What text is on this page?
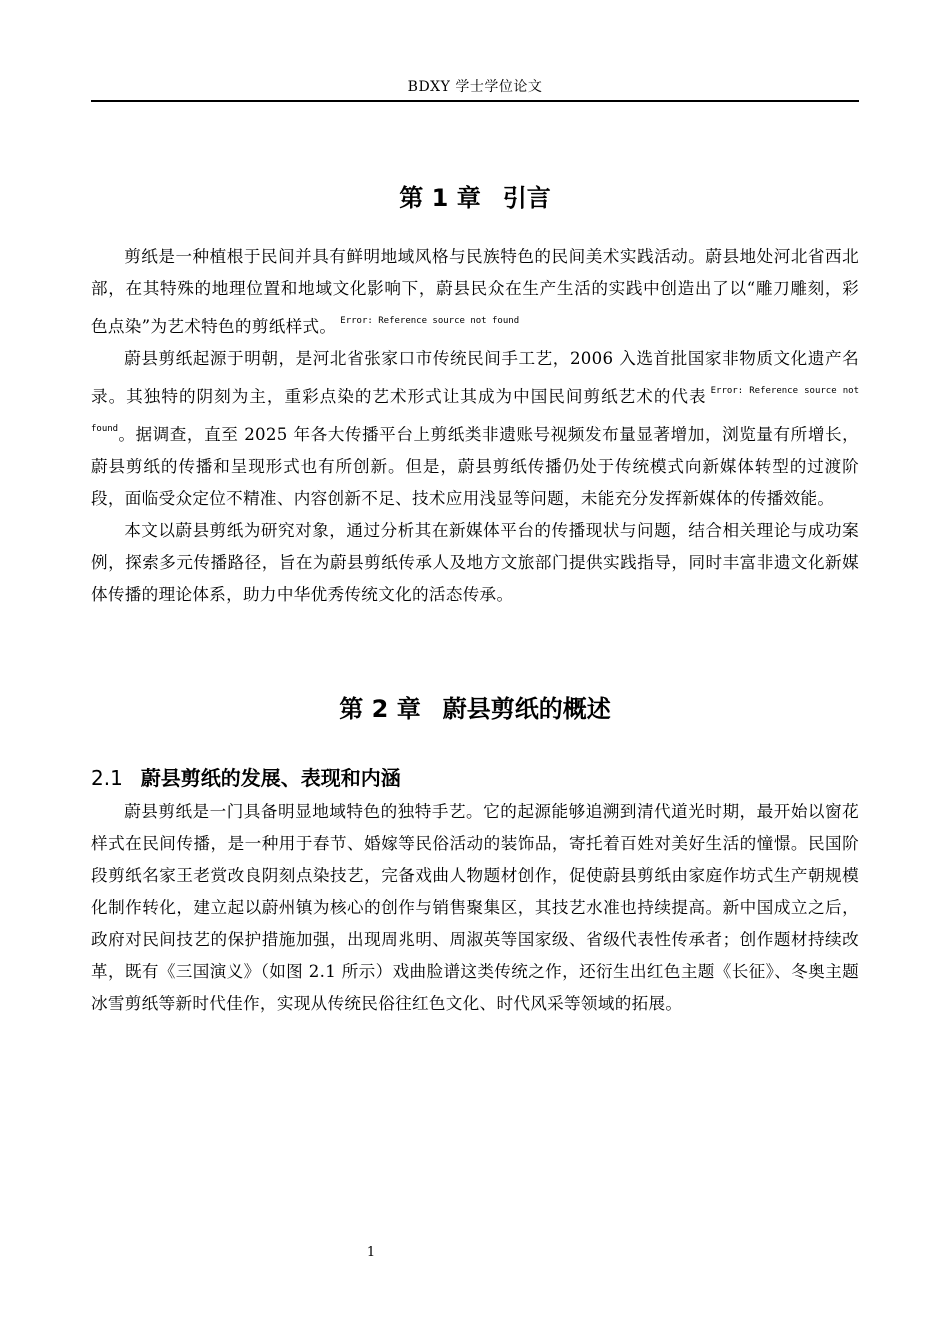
BDXY 学士学位论文
第 1 章 引言

剪纸是一种植根于民间并具有鲜明地域风格与民族特色的民间美术实践活动。蔚县地处河北省西北部，在其特殊的地理位置和地域文化影响下，蔚县民众在生产生活的实践中创造出了以“雕刀雕刻，彩色点染”为艺术特色的剪纸样式。 $^{Error: Reference source not found}$

蔚县剪纸起源于明朝，是河北省张家口市传统民间手工艺，2006 入选首批国家非物质文化遗产名录。其独特的阴刻为主，重彩点染的艺术形式让其成为中国民间剪纸艺术的代表 $^{Error: Reference source not found}$。据调查，直至 2025 年各大传播平台上剪纸类非遗账号视频发布量显著增加，浏览量有所增长，蔚县剪纸的传播和呈现形式也有所创新。但是，蔚县剪纸传播仍处于传统模式向新媒体转型的过渡阶段，面临受众定位不精准、内容创新不足、技术应用浅显等问题，未能充分发挥新媒体的传播效能。

本文以蔚县剪纸为研究对象，通过分析其在新媒体平台的传播现状与问题，结合相关理论与成功案例，探索多元传播路径，旨在为蔚县剪纸传承人及地方文旅部门提供实践指导，同时丰富非遗文化新媒体传播的理论体系，助力中华优秀传统文化的活态传承。

第 2 章 蔚县剪纸的概述
2.1 蔚县剪纸的发展、表现和内涵

蔚县剪纸是一门具备明显地域特色的独特手艺。它的起源能够追溯到清代道光时期，最开始以窗花样式在民间传播，是一种用于春节、婚嫁等民俗活动的装饰品，寄托着百姓对美好生活的憧憬。民国阶段剪纸名家王老赏改良阴刻点染技艺，完备戏曲人物题材创作，促使蔚县剪纸由家庭作坊式生产朝规模化制作转化，建立起以蔚州镇为核心的创作与销售聚集区，其技艺水准也持续提高。新中国成立之后，政府对民间技艺的保护措施加强，出现周兆明、周淑英等国家级、省级代表性传承者；创作题材持续改革，既有《三国演义》（如图 2.1 所示）戏曲脸谱这类传统之作，还衍生出红色主题《长征》、冬奥主题冰雪剪纸等新时代佳作，实现从传统民俗往红色文化、时代风采等领域的拓展。

1
